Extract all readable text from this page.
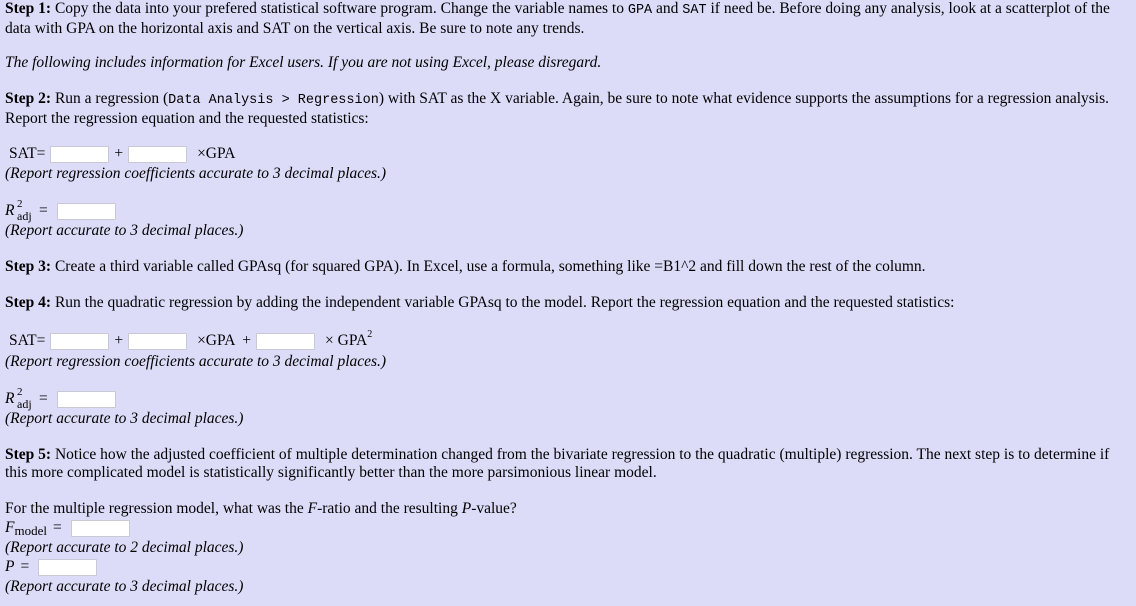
Step 1: Copy the data into your prefered statistical software program. Change the variable names to GPA and SAT if need be. Before doing any analysis, look at a scatterplot of the data with GPA on the horizontal axis and SAT on the vertical axis. Be sure to note any trends.
The following includes information for Excel users. If you are not using Excel, please disregard.
Step 2: Run a regression (Data Analysis > Regression) with SAT as the X variable. Again, be sure to note what evidence supports the assumptions for a regression analysis. Report the regression equation and the requested statistics:
SAT=	+	×GPA
(Report regression coefficients accurate to 3 decimal places.)
R 2
adj =
(Report accurate to 3 decimal places.)
Step 3: Create a third variable called GPAsq (for squared GPA). In Excel, use a formula, something like =B1^2 and fill down the rest of the column.
Step 4: Run the quadratic regression by adding the independent variable GPAsq to the model. Report the regression equation and the requested statistics:
SAT=	+	×GPA  +	× $GPA^2$
(Report regression coefficients accurate to 3 decimal places.)
R 2
adj =
(Report accurate to 3 decimal places.)
Step 5: Notice how the adjusted coefficient of multiple determination changed from the bivariate regression to the quadratic (multiple) regression. The next step is to determine if this more complicated model is statistically significantly better than the more parsimonious linear model.
For the multiple regression model, what was the F-ratio and the resulting P-value?
Fmodel =
(Report accurate to 2 decimal places.)
P =
(Report accurate to 3 decimal places.)
